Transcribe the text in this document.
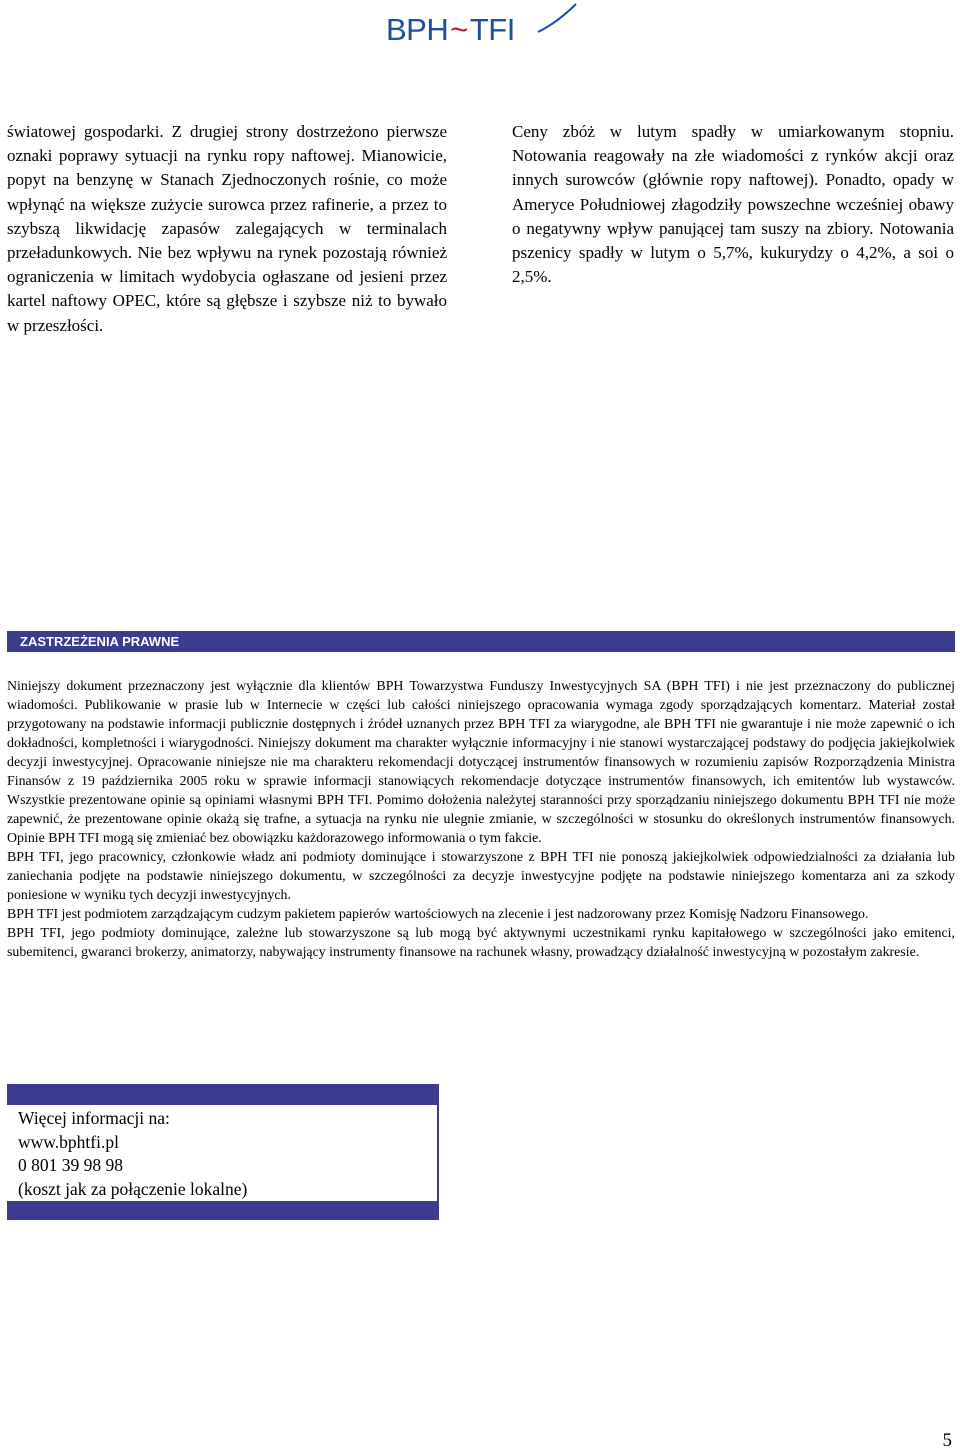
BPH~TFI
światowej gospodarki. Z drugiej strony dostrzeżono pierwsze oznaki poprawy sytuacji na rynku ropy naftowej. Mianowicie, popyt na benzynę w Stanach Zjednoczonych rośnie, co może wpłynąć na większe zużycie surowca przez rafinerie, a przez to szybszą likwidację zapasów zalegających w terminalach przeładunkowych. Nie bez wpływu na rynek pozostają również ograniczenia w limitach wydobycia ogłaszane od jesieni przez kartel naftowy OPEC, które są głębsze i szybsze niż to bywało w przeszłości.
Ceny zbóż w lutym spadły w umiarkowanym stopniu. Notowania reagowały na złe wiadomości z rynków akcji oraz innych surowców (głównie ropy naftowej). Ponadto, opady w Ameryce Południowej złagodziły powszechne wcześniej obawy o negatywny wpływ panującej tam suszy na zbiory. Notowania pszenicy spadły w lutym o 5,7%, kukurydzy o 4,2%, a soi o 2,5%.
ZASTRZEŻENIA PRAWNE

Niniejszy dokument przeznaczony jest wyłącznie dla klientów BPH Towarzystwa Funduszy Inwestycyjnych SA (BPH TFI) i nie jest przeznaczony do publicznej wiadomości. Publikowanie w prasie lub w Internecie w części lub całości niniejszego opracowania wymaga zgody sporządzających komentarz. Materiał został przygotowany na podstawie informacji publicznie dostępnych i źródeł uznanych przez BPH TFI za wiarygodne, ale BPH TFI nie gwarantuje i nie może zapewnić o ich dokładności, kompletności i wiarygodności. Niniejszy dokument ma charakter wyłącznie informacyjny i nie stanowi wystarczającej podstawy do podjęcia jakiejkolwiek decyzji inwestycyjnej. Opracowanie niniejsze nie ma charakteru rekomendacji dotyczącej instrumentów finansowych w rozumieniu zapisów Rozporządzenia Ministra Finansów z 19 października 2005 roku w sprawie informacji stanowiących rekomendacje dotyczące instrumentów finansowych, ich emitentów lub wystawców. Wszystkie prezentowane opinie są opiniami własnymi BPH TFI. Pomimo dołożenia należytej staranności przy sporządzaniu niniejszego dokumentu BPH TFI nie może zapewnić, że prezentowane opinie okażą się trafne, a sytuacja na rynku nie ulegnie zmianie, w szczególności w stosunku do określonych instrumentów finansowych. Opinie BPH TFI mogą się zmieniać bez obowiązku każdorazowego informowania o tym fakcie.

BPH TFI, jego pracownicy, członkowie władz ani podmioty dominujące i stowarzyszone z BPH TFI nie ponoszą jakiejkolwiek odpowiedzialności za działania lub zaniechania podjęte na podstawie niniejszego dokumentu, w szczególności za decyzje inwestycyjne podjęte na podstawie niniejszego komentarza ani za szkody poniesione w wyniku tych decyzji inwestycyjnych.

BPH TFI jest podmiotem zarządzającym cudzym pakietem papierów wartościowych na zlecenie i jest nadzorowany przez Komisję Nadzoru Finansowego.

BPH TFI, jego podmioty dominujące, zależne lub stowarzyszone są lub mogą być aktywnymi uczestnikami rynku kapitałowego w szczególności jako emitenci, subemitenci, gwaranci brokerzy, animatorzy, nabywający instrumenty finansowe na rachunek własny, prowadzący działalność inwestycyjną w pozostałym zakresie.

Więcej informacji na:
www.bphtfi.pl
0 801 39 98 98
(koszt jak za połączenie lokalne)
5
